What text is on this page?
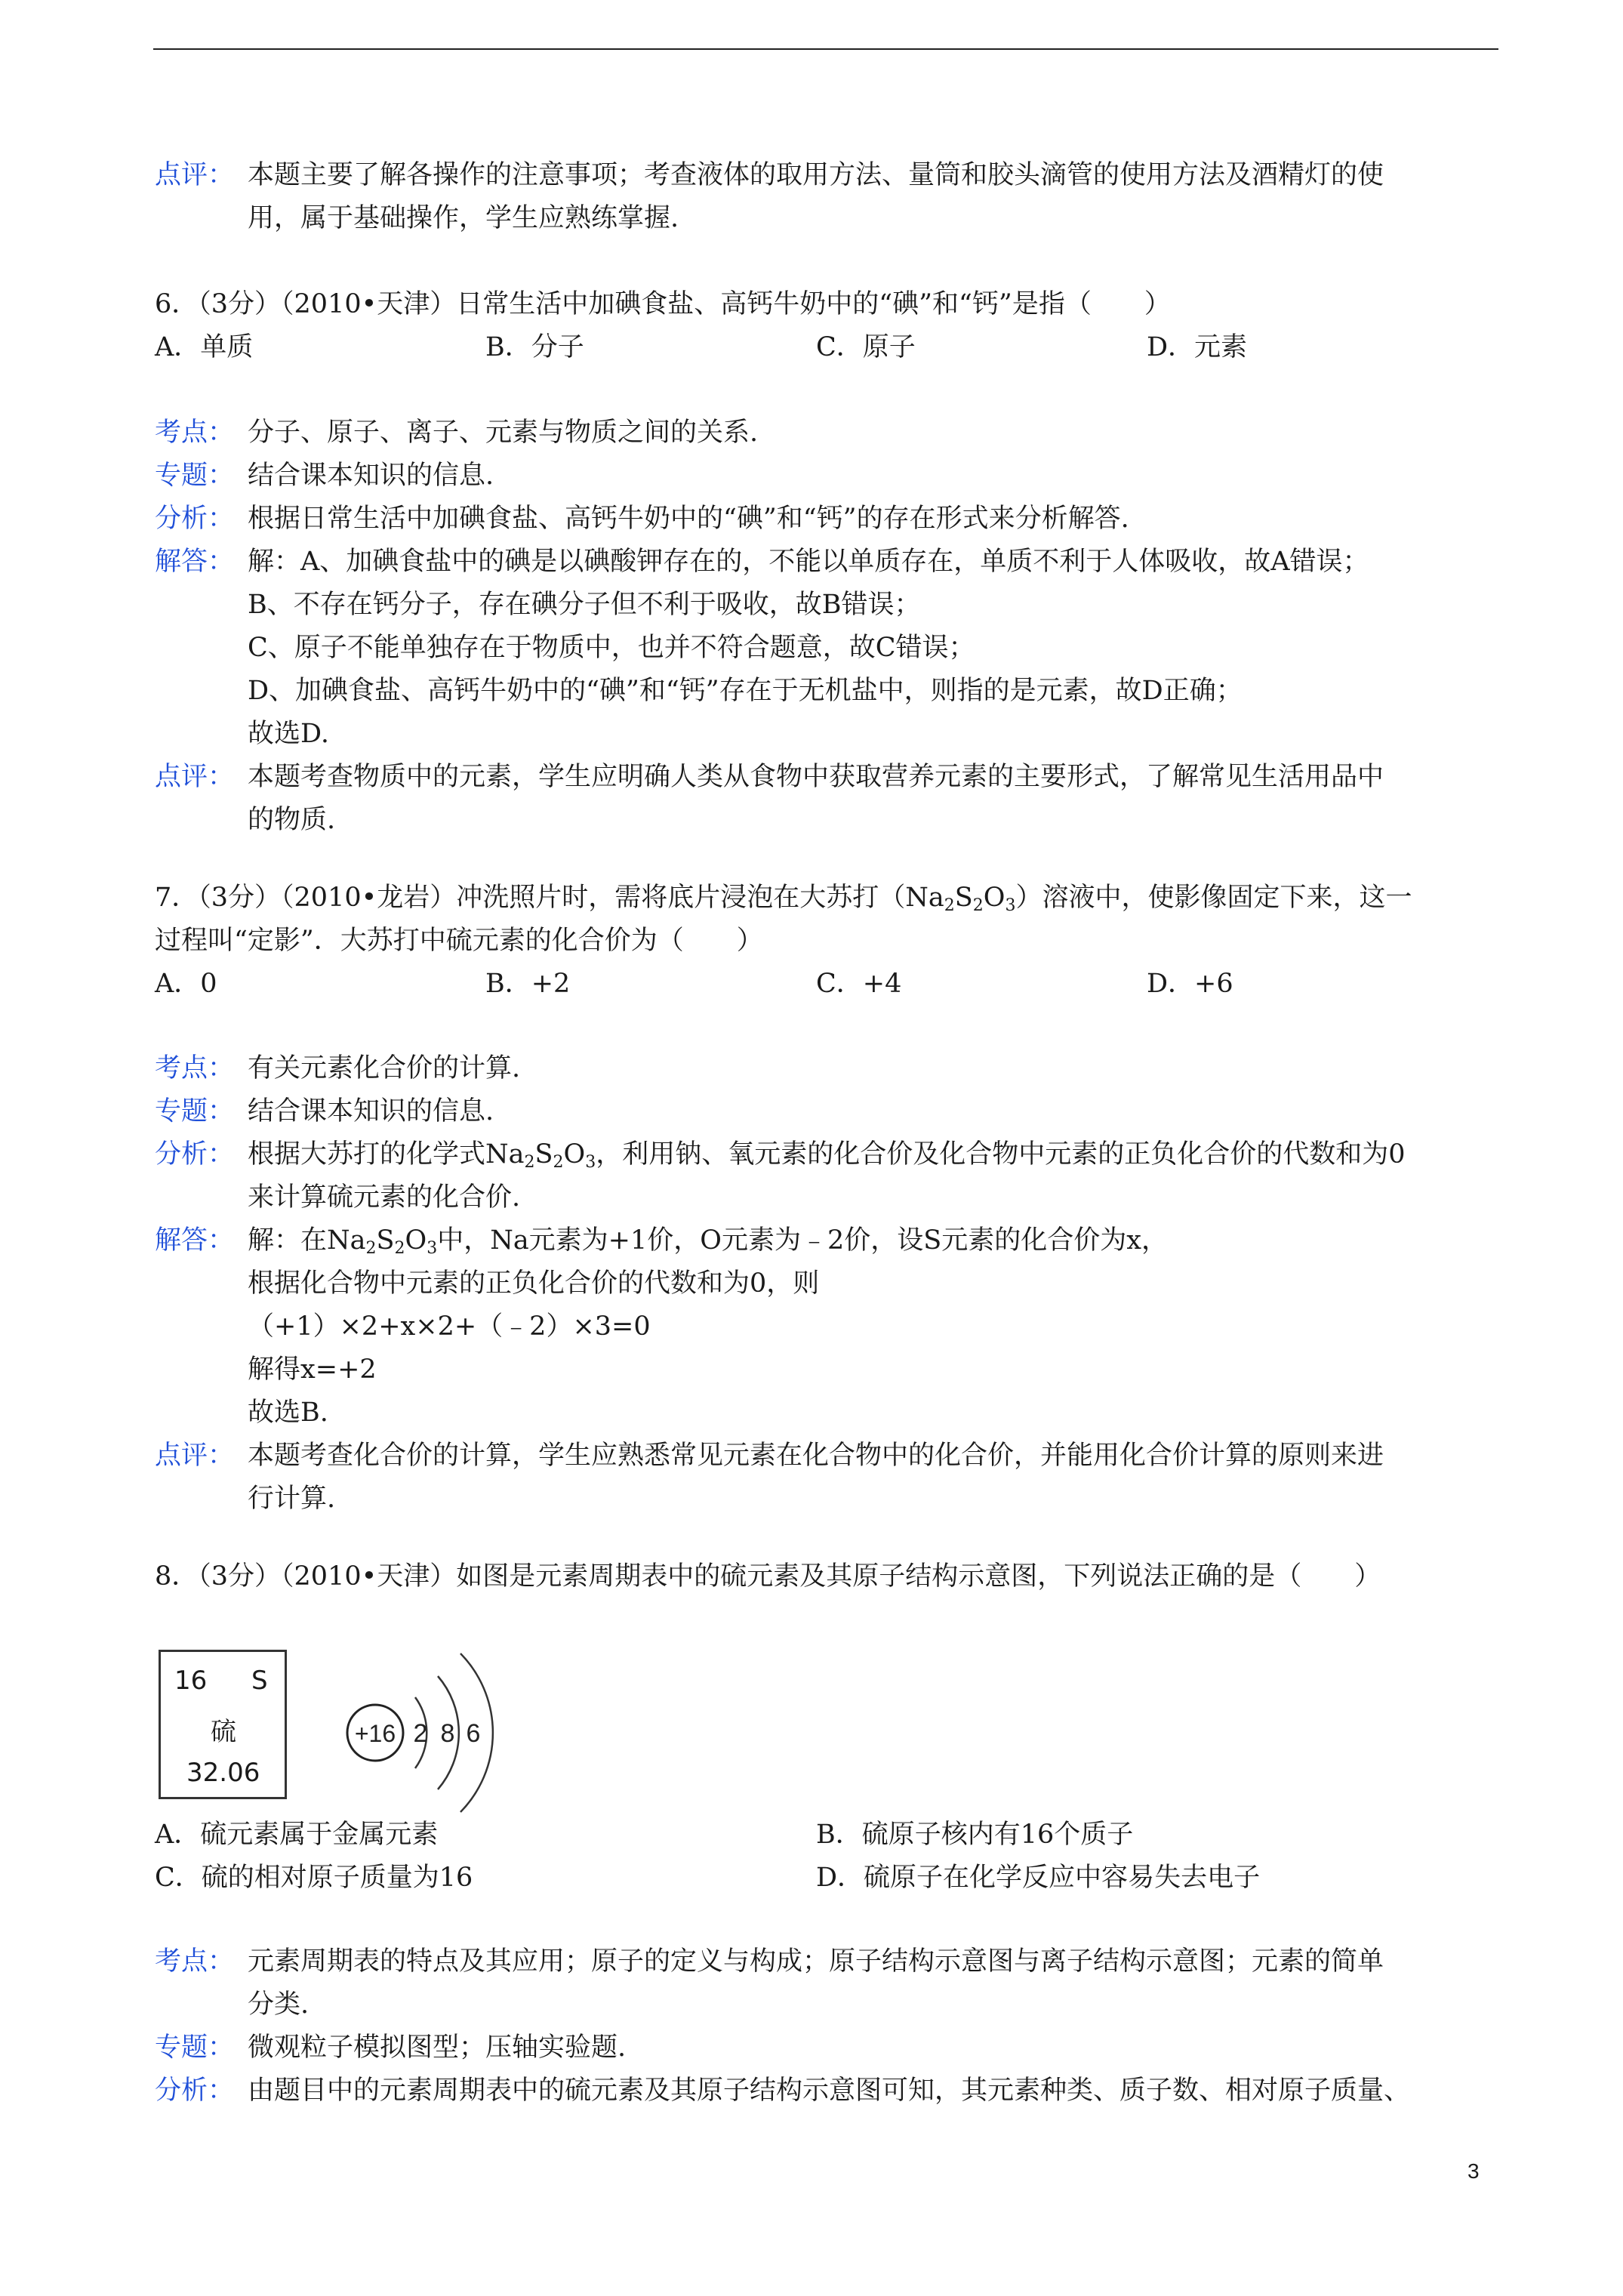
点评： 本题主要了解各操作的注意事项；考查液体的取用方法、量筒和胶头滴管的使用方法及酒精灯的使
用，属于基础操作，学生应熟练掌握.
6．（3分）（2010•天津）日常生活中加碘食盐、高钙牛奶中的“碘”和“钙”是指（　　）
A．单质	B．分子	C．原子	D．元素
考点： 分子、原子、离子、元素与物质之间的关系.
专题： 结合课本知识的信息.
分析： 根据日常生活中加碘食盐、高钙牛奶中的“碘”和“钙”的存在形式来分析解答.
解答： 解：A、加碘食盐中的碘是以碘酸钾存在的，不能以单质存在，单质不利于人体吸收，故A错误；
B、不存在钙分子，存在碘分子但不利于吸收，故B错误；
C、原子不能单独存在于物质中，也并不符合题意，故C错误；
D、加碘食盐、高钙牛奶中的“碘”和“钙”存在于无机盐中，则指的是元素，故D正确；
故选D.
点评： 本题考查物质中的元素，学生应明确人类从食物中获取营养元素的主要形式，了解常见生活用品中
的物质.
7．（3分）（2010•龙岩）冲洗照片时，需将底片浸泡在大苏打$(Na_2S_2O_3)$溶液中，使影像固定下来，这一
过程叫“定影”．大苏打中硫元素的化合价为（　　）
A．0	B．+2	C．+4	D．+6
考点： 有关元素化合价的计算.
专题： 结合课本知识的信息.
分析： 根据大苏打的化学式$Na_2S_2O_3$，利用钠、氧元素的化合价及化合物中元素的正负化合价的代数和为0
来计算硫元素的化合价.
解答： 解：在$Na_2S_2O_3$中，Na元素为+1价，O元素为﹣2价，设S元素的化合价为x，
根据化合物中元素的正负化合价的代数和为0，则
（+1）×2+x×2+（﹣2）×3=0
解得x=+2
故选B.
点评： 本题考查化合价的计算，学生应熟悉常见元素在化合物中的化合价，并能用化合价计算的原则来进
行计算.
8．（3分）（2010•天津）如图是元素周期表中的硫元素及其原子结构示意图，下列说法正确的是（　　）
16 S
硫
32.06
+16 2 8 6
A．硫元素属于金属元素	B．硫原子核内有16个质子
C．硫的相对原子质量为16	D．硫原子在化学反应中容易失去电子
考点： 元素周期表的特点及其应用；原子的定义与构成；原子结构示意图与离子结构示意图；元素的简单
分类.
专题： 微观粒子模拟图型；压轴实验题.
分析： 由题目中的元素周期表中的硫元素及其原子结构示意图可知，其元素种类、质子数、相对原子质量、
3
